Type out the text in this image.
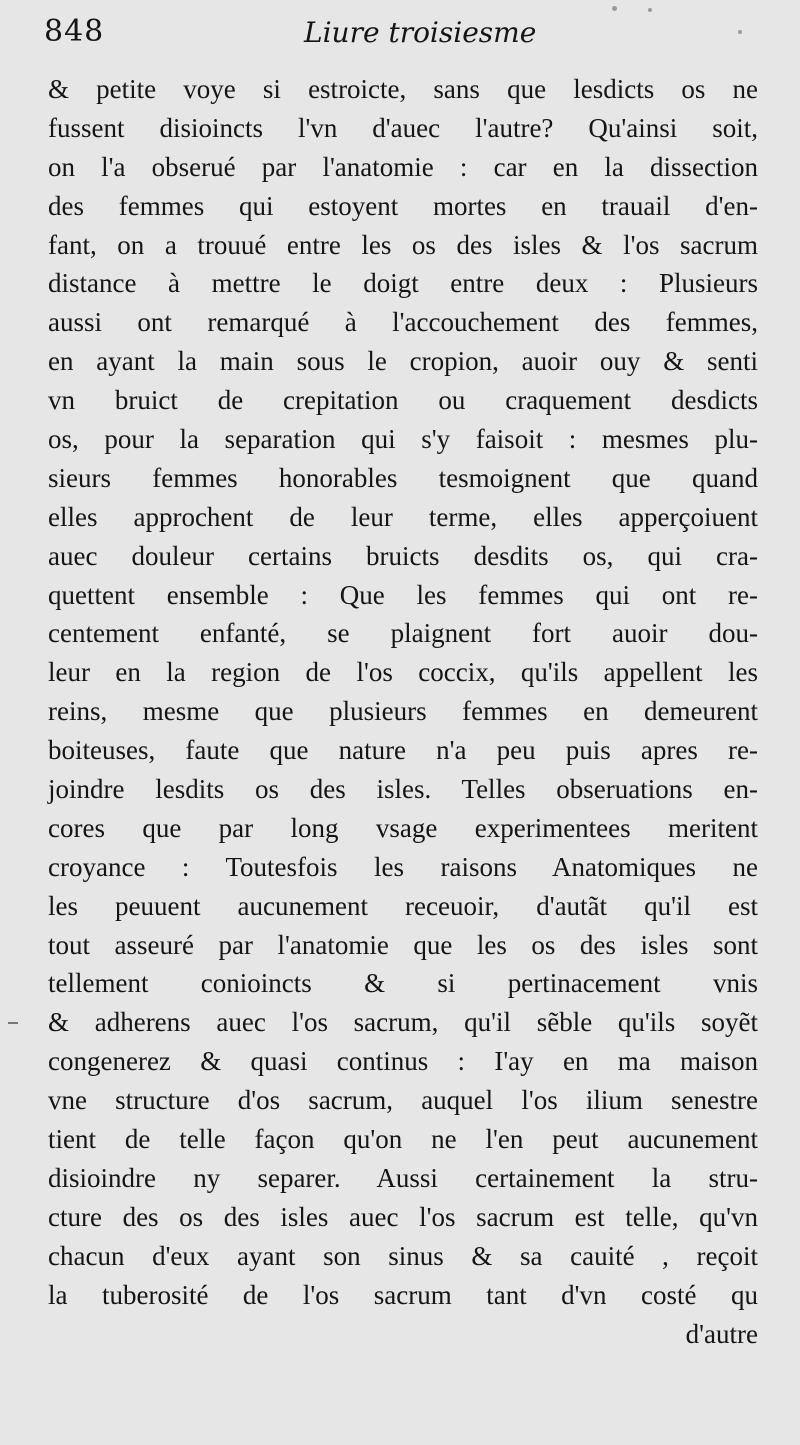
848	Liure troisiesme
& petite voye si estroicte, sans que lesdicts os ne
fussent disioincts l'vn d'auec l'autre? Qu'ainsi soit,
on l'a obserué par l'anatomie : car en la dissection
des femmes qui estoyent mortes en trauail d'en-
fant, on a trouué entre les os des isles & l'os sacrum
distance à mettre le doigt entre deux : Plusieurs
aussi ont remarqué à l'accouchement des femmes,
en ayant la main sous le cropion, auoir ouy & senti
vn bruict de crepitation ou craquement desdicts
os, pour la separation qui s'y faisoit : mesmes plu-
sieurs femmes honorables tesmoignent que quand
elles approchent de leur terme, elles apperçoiuent
auec douleur certains bruicts desdits os, qui cra-
quettent ensemble : Que les femmes qui ont re-
centement enfanté, se plaignent fort auoir dou-
leur en la region de l'os coccix, qu'ils appellent les
reins, mesme que plusieurs femmes en demeurent
boiteuses, faute que nature n'a peu puis apres re-
joindre lesdits os des isles. Telles obseruations en-
cores que par long vsage experimentees meritent
croyance : Toutesfois les raisons Anatomiques ne
les peuuent aucunement receuoir, d'autãt qu'il est
tout asseuré par l'anatomie que les os des isles sont
tellement conioincts & si pertinacement vnis
& adherens auec l'os sacrum, qu'il sẽble qu'ils soyẽt
congenerez & quasi continus : I'ay en ma maison
vne structure d'os sacrum, auquel l'os ilium senestre
tient de telle façon qu'on ne l'en peut aucunement
disioindre ny separer. Aussi certainement la stru-
cture des os des isles auec l'os sacrum est telle, qu'vn
chacun d'eux ayant son sinus & sa cauité , reçoit
la tuberosité de l'os sacrum tant d'vn costé qu
d'autre
